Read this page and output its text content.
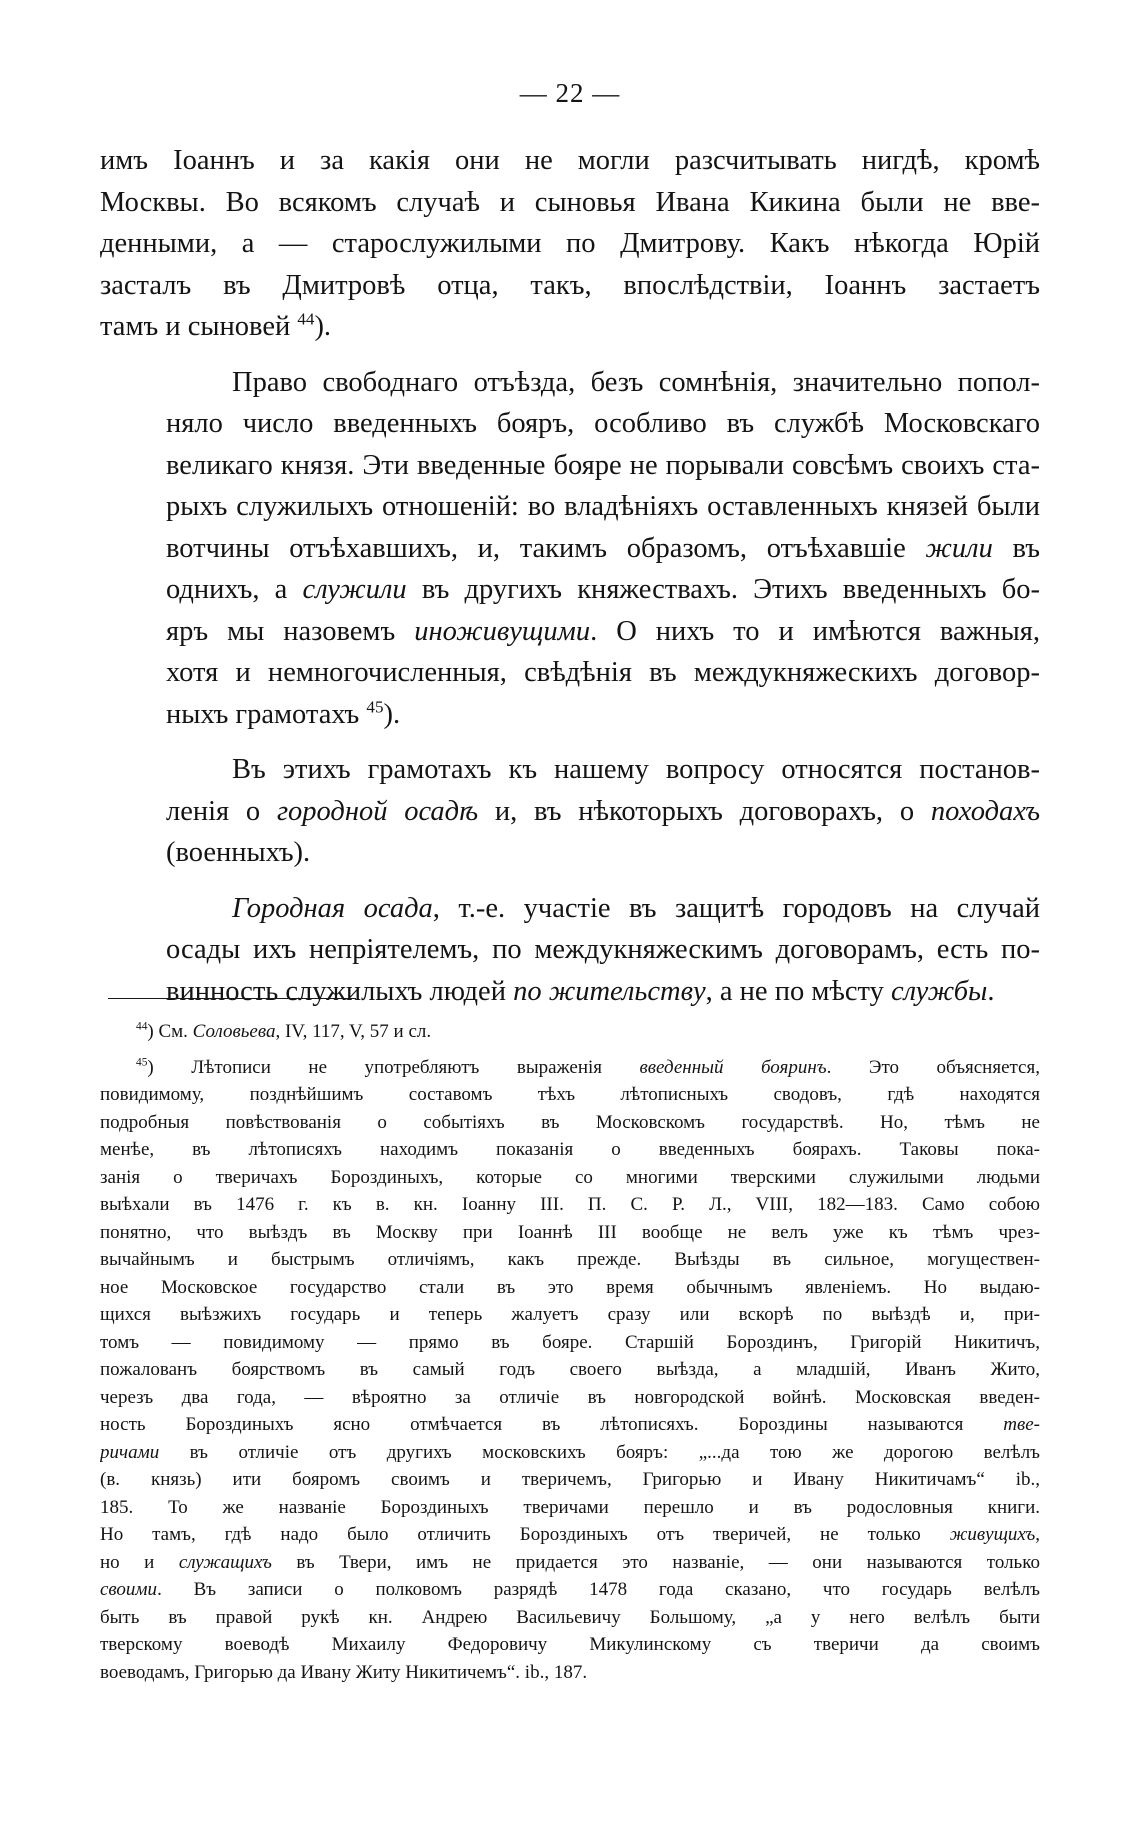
— 22 —

имъ Іоаннъ и за какія они не могли разсчитывать нигдѣ, кромѣ
Москвы. Во всякомъ случаѣ и сыновья Ивана Кикина были не вве-
денными, а — старослужилыми по Дмитрову. Какъ нѣкогда Юрій
засталъ въ Дмитровѣ отца, такъ, впослѣдствіи, Іоаннъ застаетъ
тамъ и сыновей $^{44}$).

Право свободнаго отъѣзда, безъ сомнѣнія, значительно попол-
няло число введенныхъ бояръ, особливо въ службѣ Московскаго
великаго князя. Эти введенные бояре не порывали совсѣмъ своихъ ста-
рыхъ служилыхъ отношеній: во владѣніяхъ оставленныхъ князей были
вотчины отъѣхавшихъ, и, такимъ образомъ, отъѣхавшіе жили въ
однихъ, а служили въ другихъ княжествахъ. Этихъ введенныхъ бо-
яръ мы назовемъ иноживущими. О нихъ то и имѣются важныя,
хотя и немногочисленныя, свѣдѣнія въ междукняжескихъ договор-
ныхъ грамотахъ $^{45}$).

Въ этихъ грамотахъ къ нашему вопросу относятся постанов-
ленія о городной осадѣ и, въ нѣкоторыхъ договорахъ, о походахъ
(военныхъ).

Городная осада, т.-е. участіе въ защитѣ городовъ на случай
осады ихъ непріятелемъ, по междукняжескимъ договорамъ, есть по-
винность служилыхъ людей по жительству, а не по мѣсту службы.

$^{44}$) См. Соловьева, IV, 117, V, 57 и сл.
$^{45}$) Лѣтописи не употребляютъ выраженія введенный бояринъ. Это объясняется,
повидимому, позднѣйшимъ составомъ тѣхъ лѣтописныхъ сводовъ, гдѣ находятся
подробныя повѣствованія о событіяхъ въ Московскомъ государствѣ. Но, тѣмъ не
менѣе, въ лѣтописяхъ находимъ показанія о введенныхъ боярахъ. Таковы пока-
занія о тверичахъ Бороздиныхъ, которые со многими тверскими служилыми людьми
выѣхали въ 1476 г. къ в. кн. Іоанну III. П. С. Р. Л., VIII, 182—183. Само собою
понятно, что выѣздъ въ Москву при Іоаннѣ III вообще не велъ уже къ тѣмъ чрез-
вычайнымъ и быстрымъ отличіямъ, какъ прежде. Выѣзды въ сильное, могуществен-
ное Московское государство стали въ это время обычнымъ явленіемъ. Но выдаю-
щихся выѣзжихъ государь и теперь жалуетъ сразу или вскорѣ по выѣздѣ и, при-
томъ — повидимому — прямо въ бояре. Старшій Бороздинъ, Григорій Никитичъ,
пожалованъ боярствомъ въ самый годъ своего выѣзда, а младшій, Иванъ Жито,
черезъ два года, — вѣроятно за отличіе въ новгородской войнѣ. Московская введен-
ность Бороздиныхъ ясно отмѣчается въ лѣтописяхъ. Бороздины называются тве-
ричами въ отличіе отъ другихъ московскихъ бояръ: „...да тою же дорогою велѣлъ
(в. князь) ити бояромъ своимъ и тверичемъ, Григорью и Ивану Никитичамъ“ ib.,
185. То же названіе Бороздиныхъ тверичами перешло и въ родословныя книги.
Но тамъ, гдѣ надо было отличить Бороздиныхъ отъ тверичей, не только живущихъ,
но и служащихъ въ Твери, имъ не придается это названіе, — они называются только
своими. Въ записи о полковомъ разрядѣ 1478 года сказано, что государь велѣлъ
быть въ правой рукѣ кн. Андрею Васильевичу Большому, „а у него велѣлъ быти
тверскому воеводѣ Михаилу Федоровичу Микулинскому съ тверичи да своимъ
воеводамъ, Григорью да Ивану Житу Никитичемъ“. ib., 187.
